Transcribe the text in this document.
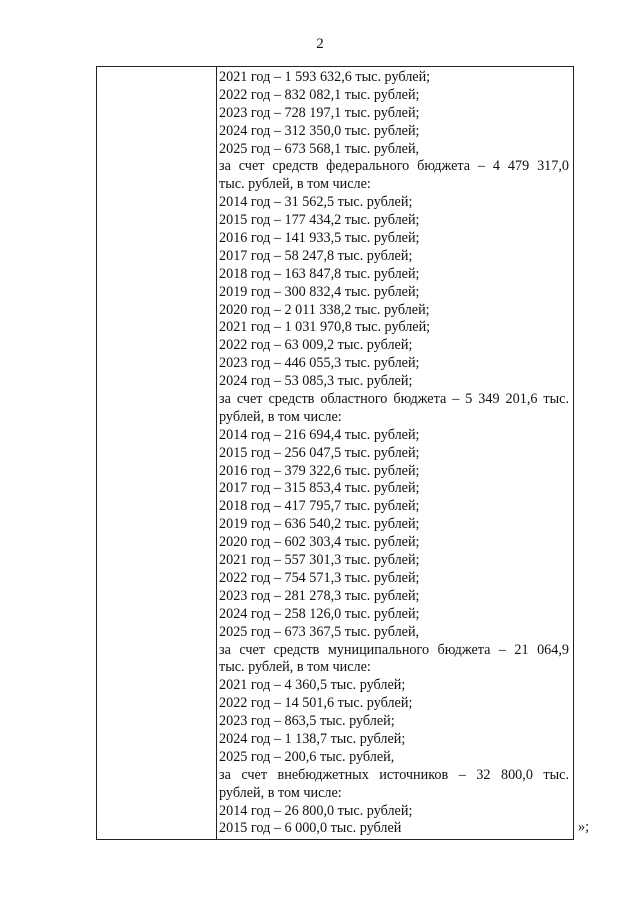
2
2021 год – 1 593 632,6 тыс. рублей;
2022 год – 832 082,1 тыс. рублей;
2023 год – 728 197,1 тыс. рублей;
2024 год – 312 350,0 тыс. рублей;
2025 год – 673 568,1 тыс. рублей,
за счет средств федерального бюджета – 4 479 317,0
тыс. рублей, в том числе:
2014 год – 31 562,5 тыс. рублей;
2015 год – 177 434,2 тыс. рублей;
2016 год – 141 933,5 тыс. рублей;
2017 год – 58 247,8 тыс. рублей;
2018 год – 163 847,8 тыс. рублей;
2019 год – 300 832,4 тыс. рублей;
2020 год – 2 011 338,2 тыс. рублей;
2021 год – 1 031 970,8 тыс. рублей;
2022 год – 63 009,2 тыс. рублей;
2023 год – 446 055,3 тыс. рублей;
2024 год – 53 085,3 тыс. рублей;
за счет средств областного бюджета – 5 349 201,6 тыс.
рублей, в том числе:
2014 год – 216 694,4 тыс. рублей;
2015 год – 256 047,5 тыс. рублей;
2016 год – 379 322,6 тыс. рублей;
2017 год – 315 853,4 тыс. рублей;
2018 год – 417 795,7 тыс. рублей;
2019 год – 636 540,2 тыс. рублей;
2020 год – 602 303,4 тыс. рублей;
2021 год – 557 301,3 тыс. рублей;
2022 год – 754 571,3 тыс. рублей;
2023 год – 281 278,3 тыс. рублей;
2024 год – 258 126,0 тыс. рублей;
2025 год – 673 367,5 тыс. рублей,
за счет средств муниципального бюджета – 21 064,9
тыс. рублей, в том числе:
2021 год – 4 360,5 тыс. рублей;
2022 год – 14 501,6 тыс. рублей;
2023 год – 863,5 тыс. рублей;
2024 год – 1 138,7 тыс. рублей;
2025 год – 200,6 тыс. рублей,
за счет внебюджетных источников – 32 800,0 тыс.
рублей, в том числе:
2014 год – 26 800,0 тыс. рублей;
2015 год – 6 000,0 тыс. рублей	»;
